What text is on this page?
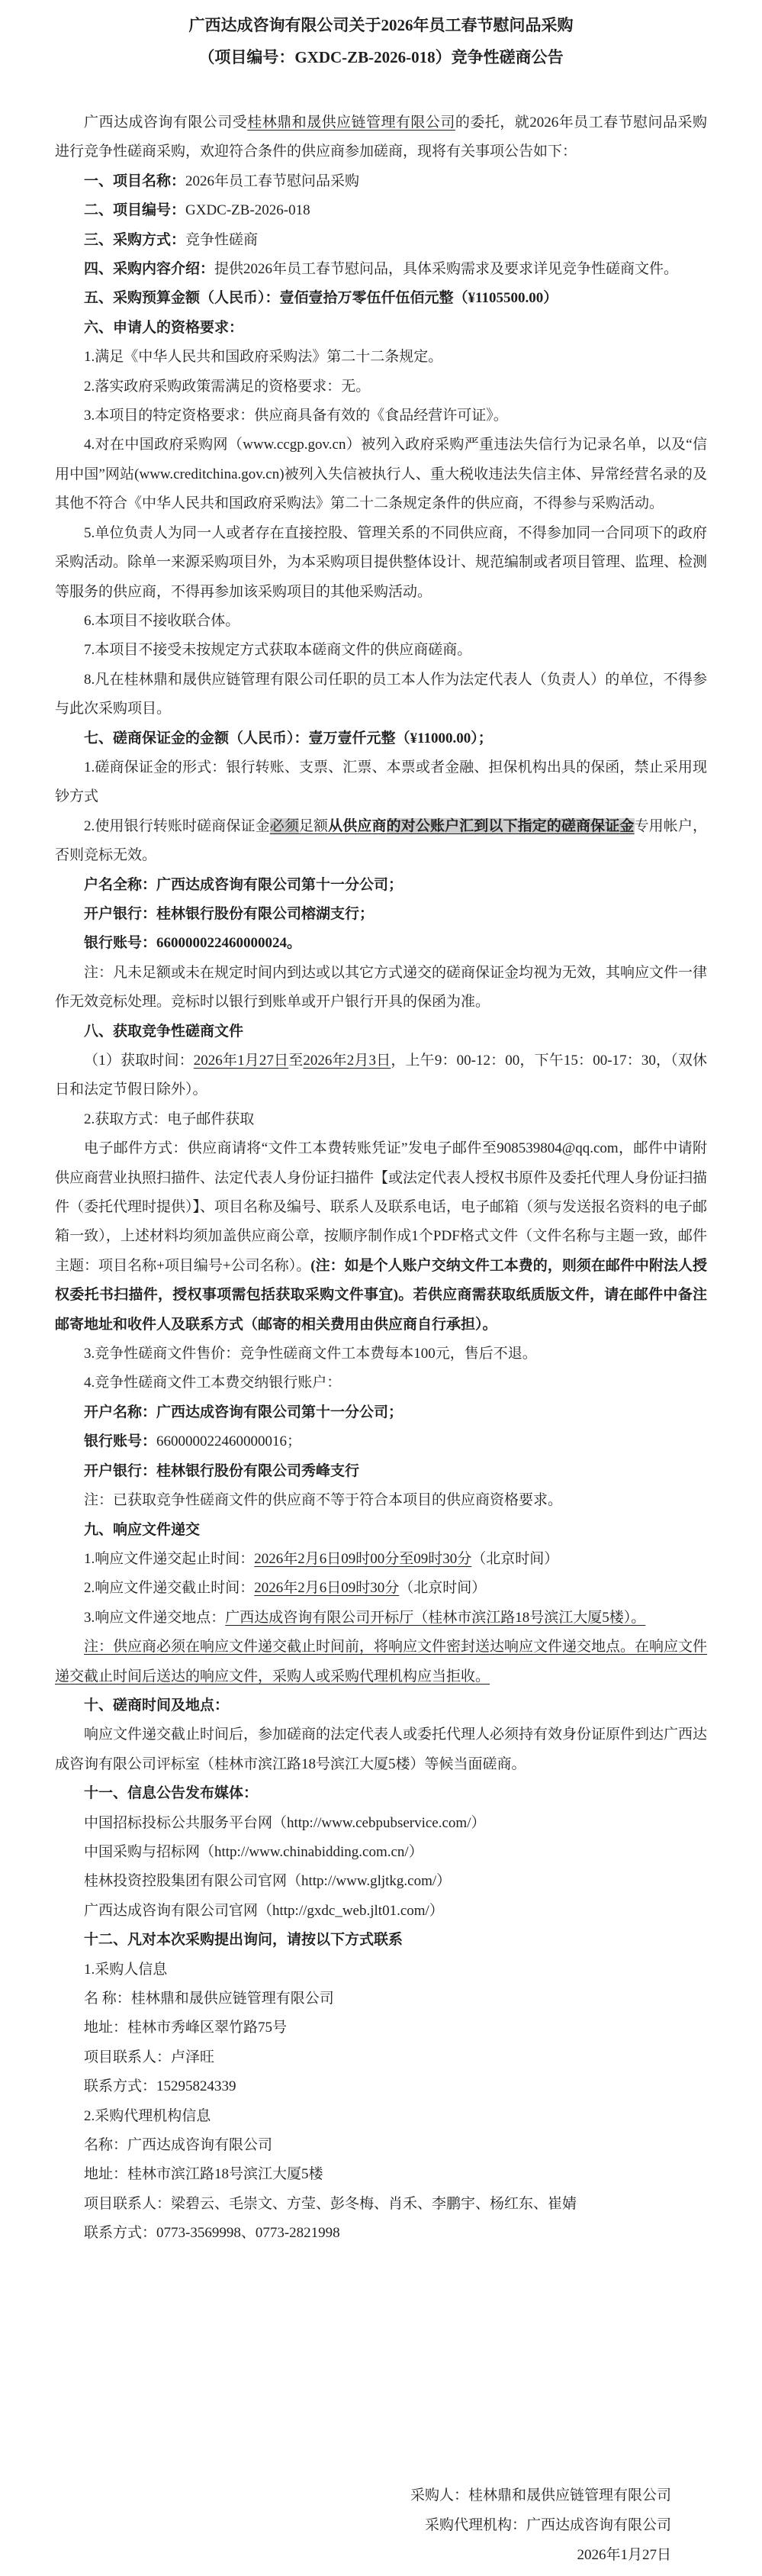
广西达成咨询有限公司关于2026年员工春节慰问品采购
（项目编号：GXDC-ZB-2026-018）竞争性磋商公告

广西达成咨询有限公司受桂林鼎和晟供应链管理有限公司的委托，就2026年员工春节慰问品采购进行竞争性磋商采购，欢迎符合条件的供应商参加磋商，现将有关事项公告如下：

一、项目名称：2026年员工春节慰问品采购

二、项目编号：GXDC-ZB-2026-018

三、采购方式：竞争性磋商

四、采购内容介绍：提供2026年员工春节慰问品，具体采购需求及要求详见竞争性磋商文件。

五、采购预算金额（人民币）：壹佰壹拾万零伍仟伍佰元整（¥1105500.00）

六、申请人的资格要求：

1.满足《中华人民共和国政府采购法》第二十二条规定。

2.落实政府采购政策需满足的资格要求：无。

3.本项目的特定资格要求：供应商具备有效的《食品经营许可证》。

4.对在中国政府采购网（www.ccgp.gov.cn）被列入政府采购严重违法失信行为记录名单，以及“信用中国”网站(www.creditchina.gov.cn)被列入失信被执行人、重大税收违法失信主体、异常经营名录的及其他不符合《中华人民共和国政府采购法》第二十二条规定条件的供应商，不得参与采购活动。

5.单位负责人为同一人或者存在直接控股、管理关系的不同供应商，不得参加同一合同项下的政府采购活动。除单一来源采购项目外，为本采购项目提供整体设计、规范编制或者项目管理、监理、检测等服务的供应商，不得再参加该采购项目的其他采购活动。

6.本项目不接收联合体。

7.本项目不接受未按规定方式获取本磋商文件的供应商磋商。

8.凡在桂林鼎和晟供应链管理有限公司任职的员工本人作为法定代表人（负责人）的单位，不得参与此次采购项目。

七、磋商保证金的金额（人民币）：壹万壹仟元整（¥11000.00）；

1.磋商保证金的形式：银行转账、支票、汇票、本票或者金融、担保机构出具的保函，禁止采用现钞方式

2.使用银行转账时磋商保证金必须足额从供应商的对公账户汇到以下指定的磋商保证金专用帐户，否则竞标无效。

户名全称：广西达成咨询有限公司第十一分公司；

开户银行：桂林银行股份有限公司榕湖支行；

银行账号：660000022460000024。

注：凡未足额或未在规定时间内到达或以其它方式递交的磋商保证金均视为无效，其响应文件一律作无效竞标处理。竞标时以银行到账单或开户银行开具的保函为准。

八、获取竞争性磋商文件

（1）获取时间：2026年1月27日至2026年2月3日，上午9：00-12：00，下午15：00-17：30，（双休日和法定节假日除外）。

2.获取方式：电子邮件获取

电子邮件方式：供应商请将“文件工本费转账凭证”发电子邮件至908539804@qq.com，邮件中请附供应商营业执照扫描件、法定代表人身份证扫描件【或法定代表人授权书原件及委托代理人身份证扫描件（委托代理时提供）】、项目名称及编号、联系人及联系电话，电子邮箱（须与发送报名资料的电子邮箱一致），上述材料均须加盖供应商公章，按顺序制作成1个PDF格式文件（文件名称与主题一致，邮件主题：项目名称+项目编号+公司名称）。(注：如是个人账户交纳文件工本费的，则须在邮件中附法人授权委托书扫描件，授权事项需包括获取采购文件事宜)。若供应商需获取纸质版文件，请在邮件中备注邮寄地址和收件人及联系方式（邮寄的相关费用由供应商自行承担）。

3.竞争性磋商文件售价：竞争性磋商文件工本费每本100元，售后不退。

4.竞争性磋商文件工本费交纳银行账户：

开户名称：广西达成咨询有限公司第十一分公司；

银行账号：660000022460000016；

开户银行：桂林银行股份有限公司秀峰支行

注：已获取竞争性磋商文件的供应商不等于符合本项目的供应商资格要求。

九、响应文件递交

1.响应文件递交起止时间：2026年2月6日09时00分至09时30分（北京时间）

2.响应文件递交截止时间：2026年2月6日09时30分（北京时间）

3.响应文件递交地点：广西达成咨询有限公司开标厅（桂林市滨江路18号滨江大厦5楼）。

注：供应商必须在响应文件递交截止时间前，将响应文件密封送达响应文件递交地点。在响应文件递交截止时间后送达的响应文件，采购人或采购代理机构应当拒收。

十、磋商时间及地点：

响应文件递交截止时间后，参加磋商的法定代表人或委托代理人必须持有效身份证原件到达广西达成咨询有限公司评标室（桂林市滨江路18号滨江大厦5楼）等候当面磋商。

十一、信息公告发布媒体：

中国招标投标公共服务平台网（http://www.cebpubservice.com/）

中国采购与招标网（http://www.chinabidding.com.cn/）

桂林投资控股集团有限公司官网（http://www.gljtkg.com/）

广西达成咨询有限公司官网（http://gxdc_web.jlt01.com/）

十二、凡对本次采购提出询问，请按以下方式联系

1.采购人信息

名 称：桂林鼎和晟供应链管理有限公司

地址：桂林市秀峰区翠竹路75号

项目联系人：卢泽旺

联系方式：15295824339

2.采购代理机构信息

名称：广西达成咨询有限公司

地址：桂林市滨江路18号滨江大厦5楼

项目联系人：梁碧云、毛崇文、方莹、彭冬梅、肖禾、李鹏宇、杨红东、崔婧

联系方式：0773-3569998、0773-2821998

采购人：桂林鼎和晟供应链管理有限公司
采购代理机构：广西达成咨询有限公司
2026年1月27日
